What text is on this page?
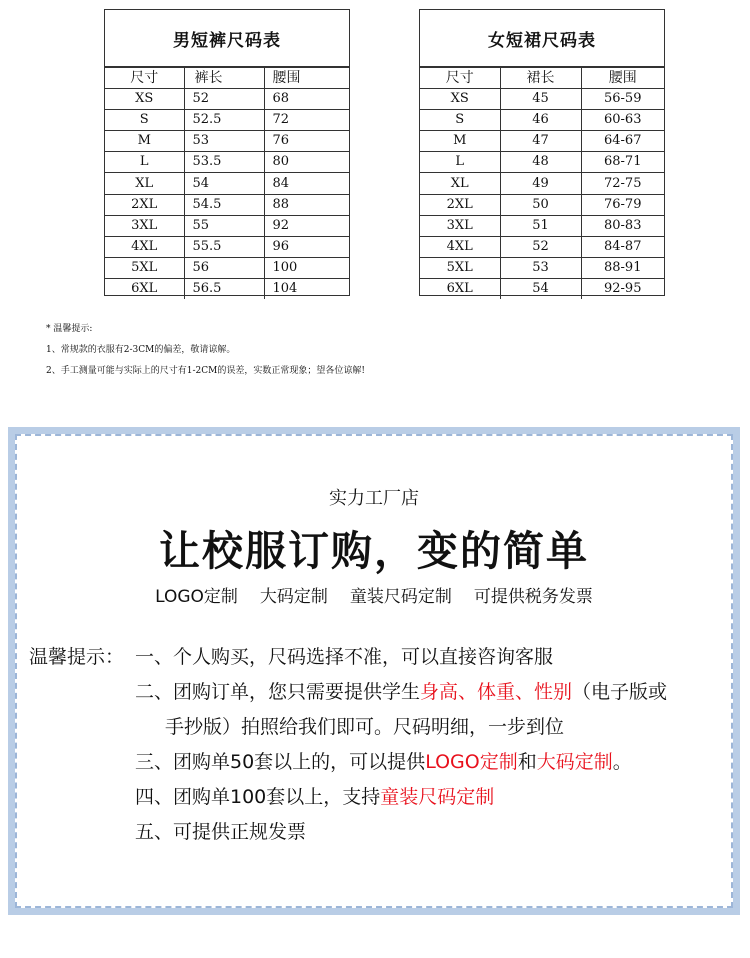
男短裤尺码表
尺寸	裤长	腰围
XS	52	68
S	52.5	72
M	53	76
L	53.5	80
XL	54	84
2XL	54.5	88
3XL	55	92
4XL	55.5	96
5XL	56	100
6XL	56.5	104
女短裙尺码表
尺寸	裙长	腰围
XS	45	56-59
S	46	60-63
M	47	64-67
L	48	68-71
XL	49	72-75
2XL	50	76-79
3XL	51	80-83
4XL	52	84-87
5XL	53	88-91
6XL	54	92-95
* 温馨提示:
1、常规款的衣服有2-3CM的偏差，敬请谅解。
2、手工测量可能与实际上的尺寸有1-2CM的误差，实数正常现象；望各位谅解!
实力工厂店
让校服订购，变的简单
LOGO定制 大码定制 童装尺码定制 可提供税务发票
温馨提示： 一、个人购买，尺码选择不准，可以直接咨询客服
二、团购订单，您只需要提供学生身高、体重、性别（电子版或
手抄版）拍照给我们即可。尺码明细，一步到位
三、团购单50套以上的，可以提供LOGO定制和大码定制。
四、团购单100套以上，支持童装尺码定制
五、可提供正规发票
